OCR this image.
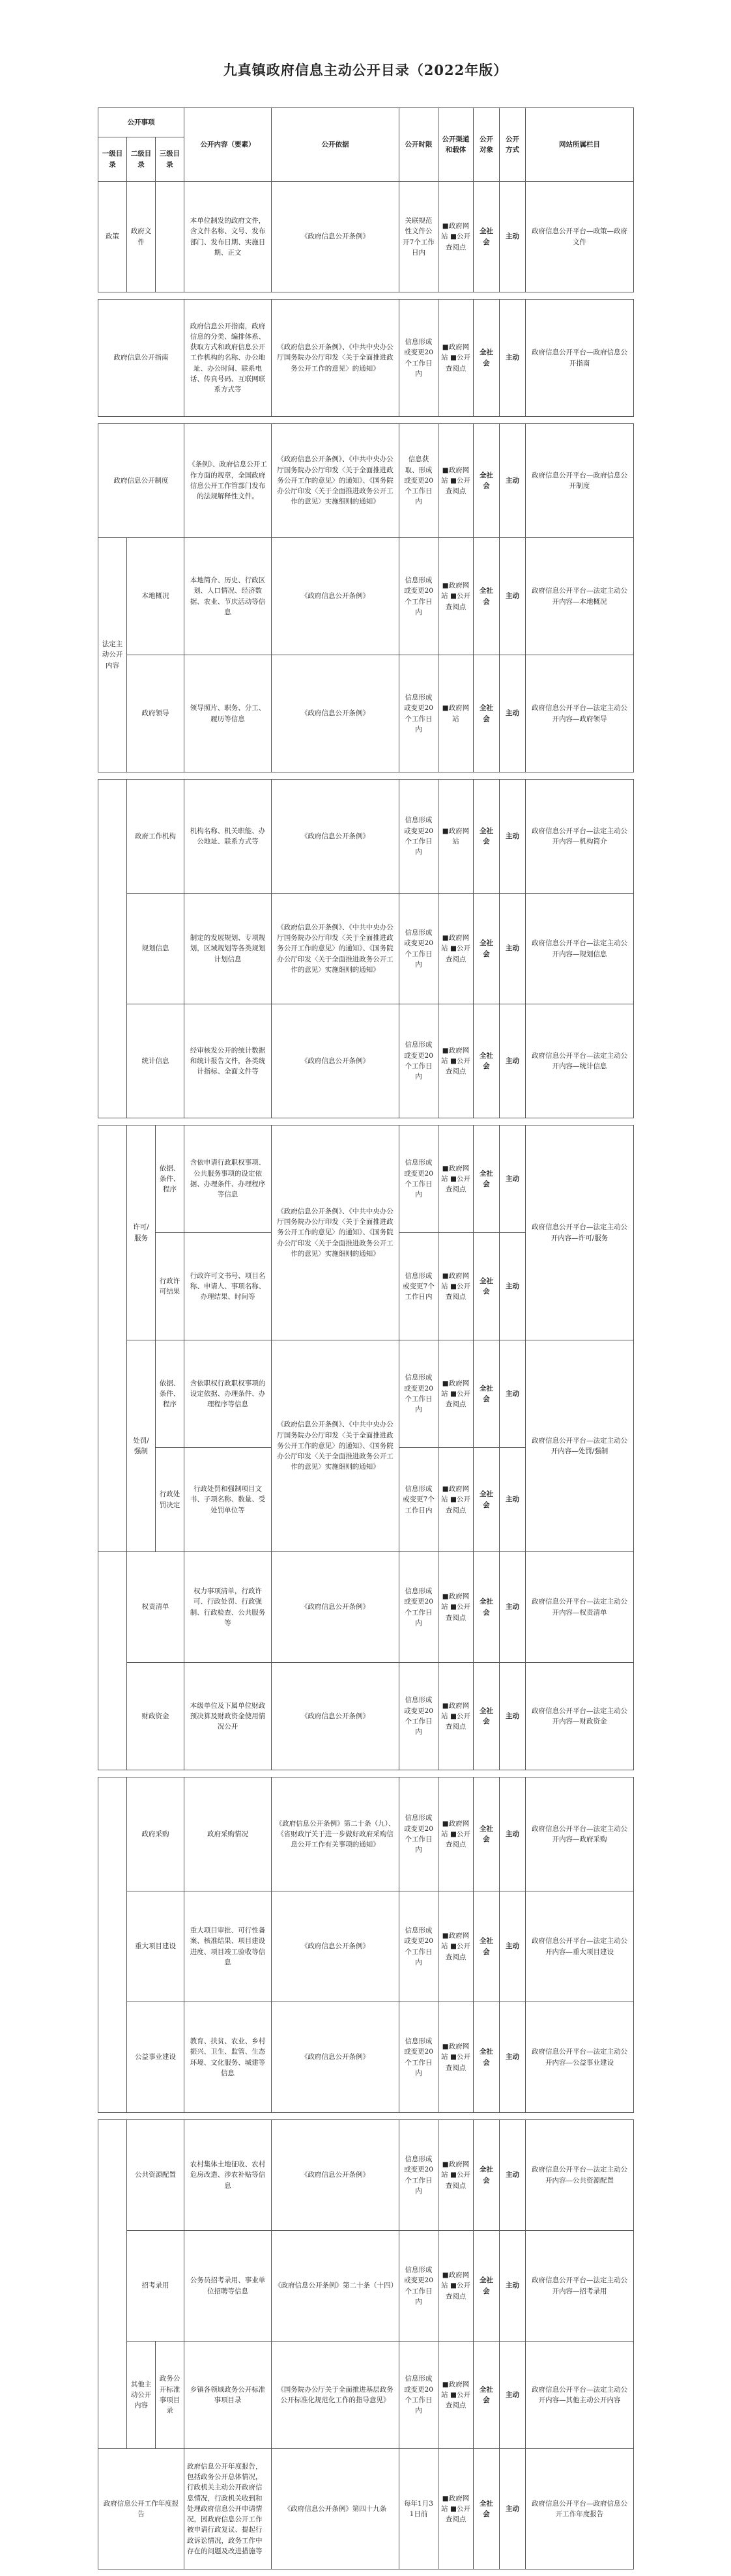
九真镇政府信息主动公开目录（2022年版）
公开事项			公开内容（要素）	公开依据	公开时限	公开渠道和载体	公开对象	公开方式	网站所属栏目
一级目录	二级目录	三级目录							
政策	政府文件		本单位制发的政府文件，含文件名称、文号、发布部门、发布日期、实施日期、正文	《政府信息公开条例》	关联规范性文件公开7个工作日内	■政府网站 ■公开查阅点	全社会	主动	政府信息公开平台—政策—政府文件

政府信息公开指南			政府信息公开指南，政府信息的分类、编排体系、获取方式和政府信息公开工作机构的名称、办公地址、办公时间、联系电话、传真号码、互联网联系方式等	《政府信息公开条例》、《中共中央办公厅国务院办公厅印发〈关于全面推进政务公开工作的意见〉的通知》	信息形成或变更20个工作日内	■政府网站 ■公开查阅点	全社会	主动	政府信息公开平台—政府信息公开指南

政府信息公开制度			《条例》、政府信息公开工作方面的规章，全国政府信息公开工作管部门发布的法规解释性文件。	《政府信息公开条例》、《中共中央办公厅国务院办公厅印发〈关于全面推进政务公开工作的意见〉的通知》、《国务院办公厅印发〈关于全面推进政务公开工作的意见〉实施细则的通知》	信息获取、形成或变更20个工作日内	■政府网站 ■公开查阅点	全社会	主动	政府信息公开平台—政府信息公开制度
法定主动公开内容	本地概况		本地简介、历史、行政区划、人口情况、经济数据、农业、节庆活动等信息	《政府信息公开条例》	信息形成或变更20个工作日内	■政府网站 ■公开查阅点	全社会	主动	政府信息公开平台—法定主动公开内容—本地概况
	政府领导		领导照片、职务、分工、履历等信息	《政府信息公开条例》	信息形成或变更20个工作日内	■政府网站	全社会	主动	政府信息公开平台—法定主动公开内容—政府领导

	政府工作机构		机构名称、机关职能、办公地址、联系方式等	《政府信息公开条例》	信息形成或变更20个工作日内	■政府网站	全社会	主动	政府信息公开平台—法定主动公开内容—机构简介
	规划信息		制定的发展规划、专项规划，区域规划等各类规划计划信息	《政府信息公开条例》、《中共中央办公厅国务院办公厅印发〈关于全面推进政务公开工作的意见〉的通知》、《国务院办公厅印发〈关于全面推进政务公开工作的意见〉实施细则的通知》	信息形成或变更20个工作日内	■政府网站 ■公开查阅点	全社会	主动	政府信息公开平台—法定主动公开内容—规划信息
	统计信息		经审核发公开的统计数据和统计报告文件，各类统计指标、全面文件等	《政府信息公开条例》	信息形成或变更20个工作日内	■政府网站 ■公开查阅点	全社会	主动	政府信息公开平台—法定主动公开内容—统计信息

	许可/服务	依据、条件、程序	含依申请行政职权事项、公共服务事项的设定依据、办理条件、办理程序等信息	《政府信息公开条例》、《中共中央办公厅国务院办公厅印发〈关于全面推进政务公开工作的意见〉的通知》、《国务院办公厅印发〈关于全面推进政务公开工作的意见〉实施细则的通知》	信息形成或变更20个工作日内	■政府网站 ■公开查阅点	全社会	主动	政府信息公开平台—法定主动公开内容—许可/服务
		行政许可结果	行政许可文书号、项目名称、申请人、事项名称、办理结果、时间等		信息形成或变更7个工作日内	■政府网站 ■公开查阅点	全社会	主动	
	处罚/强制	依据、条件、程序	含依职权行政职权事项的设定依据、办理条件、办理程序等信息	《政府信息公开条例》、《中共中央办公厅国务院办公厅印发〈关于全面推进政务公开工作的意见〉的通知》、《国务院办公厅印发〈关于全面推进政务公开工作的意见〉实施细则的通知》	信息形成或变更20个工作日内	■政府网站 ■公开查阅点	全社会	主动	政府信息公开平台—法定主动公开内容—处罚/强制
		行政处罚决定	行政处罚和强制项目文书、子项名称、数量、受处罚单位等		信息形成或变更7个工作日内	■政府网站 ■公开查阅点	全社会	主动	
	权责清单		权力事项清单，行政许可、行政处罚、行政强制、行政检查、公共服务等	《政府信息公开条例》	信息形成或变更20个工作日内	■政府网站 ■公开查阅点	全社会	主动	政府信息公开平台—法定主动公开内容—权责清单
	财政资金		本级单位及下属单位财政预决算及财政资金使用情况公开	《政府信息公开条例》	信息形成或变更20个工作日内	■政府网站 ■公开查阅点	全社会	主动	政府信息公开平台—法定主动公开内容—财政资金

	政府采购		政府采购情况	《政府信息公开条例》第二十条（九）、《省财政厅关于进一步做好政府采购信息公开工作有关事项的通知》	信息形成或变更20个工作日内	■政府网站 ■公开查阅点	全社会	主动	政府信息公开平台—法定主动公开内容—政府采购
	重大项目建设		重大项目审批、可行性备案、核准结果、项目建设进度、项目竣工验收等信息	《政府信息公开条例》	信息形成或变更20个工作日内	■政府网站 ■公开查阅点	全社会	主动	政府信息公开平台—法定主动公开内容—重大项目建设
	公益事业建设		教育、扶贫、农业、乡村振兴、卫生、监管、生态环境、文化服务、城建等信息	《政府信息公开条例》	信息形成或变更20个工作日内	■政府网站 ■公开查阅点	全社会	主动	政府信息公开平台—法定主动公开内容—公益事业建设

	公共资源配置		农村集体土地征收、农村危房改造、涉农补贴等信息	《政府信息公开条例》	信息形成或变更20个工作日内	■政府网站 ■公开查阅点	全社会	主动	政府信息公开平台—法定主动公开内容—公共资源配置
	招考录用		公务员招考录用、事业单位招聘等信息	《政府信息公开条例》第二十条（十四）	信息形成或变更20个工作日内	■政府网站 ■公开查阅点	全社会	主动	政府信息公开平台—法定主动公开内容—招考录用
	其他主动公开内容	政务公开标准事项目录	乡镇各领域政务公开标准事项目录	《国务院办公厅关于全面推进基层政务公开标准化规范化工作的指导意见》	信息形成或变更20个工作日内	■政府网站 ■公开查阅点	全社会	主动	政府信息公开平台—法定主动公开内容—其他主动公开内容
政府信息公开工作年度报告			政府信息公开年度报告，包括政务公开总体情况，行政机关主动公开政府信息情况，行政机关收到和处理政府信息公开申请情况，因政府信息公开工作被申请行政复议、提起行政诉讼情况，政务工作中存在的问题及改进措施等	《政府信息公开条例》第四十九条	每年1月31日前	■政府网站 ■公开查阅点	全社会	主动	政府信息公开平台—政府信息公开工作年度报告
